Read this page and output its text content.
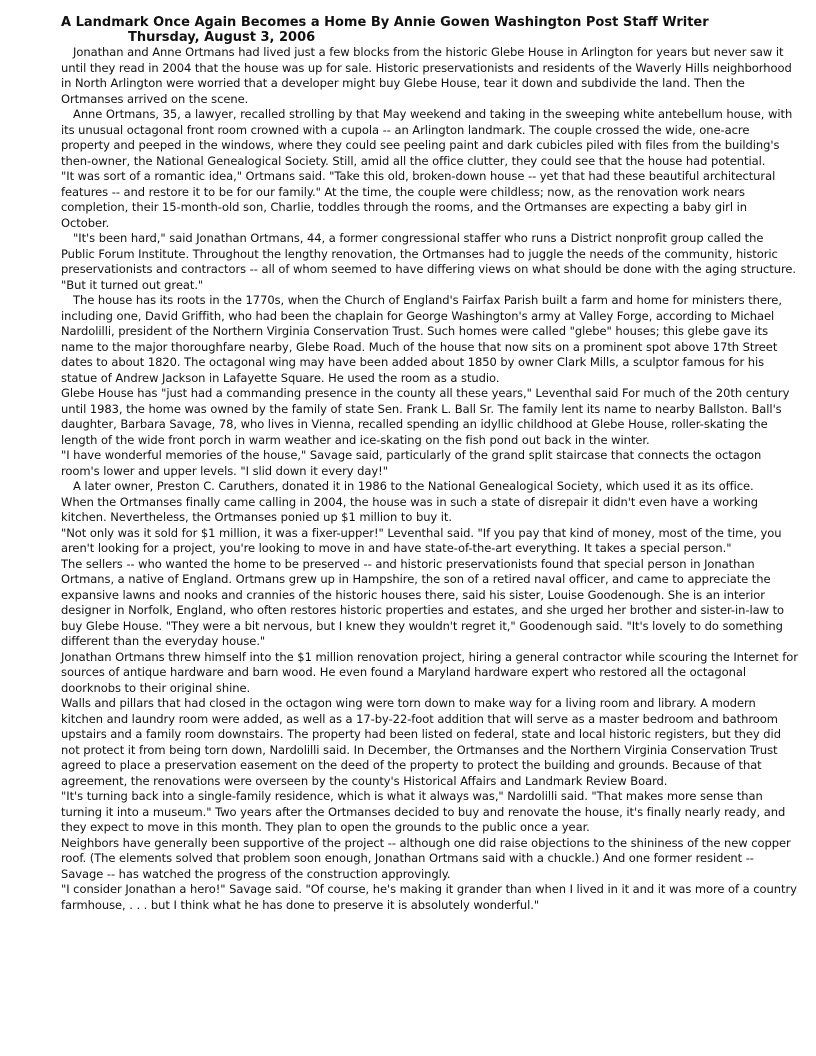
A Landmark Once Again Becomes a Home By Annie Gowen Washington Post Staff Writer
Thursday, August 3, 2006

Jonathan and Anne Ortmans had lived just a few blocks from the historic Glebe House in Arlington for years but never saw it until they read in 2004 that the house was up for sale. Historic preservationists and residents of the Waverly Hills neighborhood in North Arlington were worried that a developer might buy Glebe House, tear it down and subdivide the land. Then the Ortmanses arrived on the scene.

Anne Ortmans, 35, a lawyer, recalled strolling by that May weekend and taking in the sweeping white antebellum house, with its unusual octagonal front room crowned with a cupola -- an Arlington landmark. The couple crossed the wide, one-acre property and peeped in the windows, where they could see peeling paint and dark cubicles piled with files from the building's then-owner, the National Genealogical Society. Still, amid all the office clutter, they could see that the house had potential.

"It was sort of a romantic idea," Ortmans said. "Take this old, broken-down house -- yet that had these beautiful architectural features -- and restore it to be for our family." At the time, the couple were childless; now, as the renovation work nears completion, their 15-month-old son, Charlie, toddles through the rooms, and the Ortmanses are expecting a baby girl in October.

"It's been hard," said Jonathan Ortmans, 44, a former congressional staffer who runs a District nonprofit group called the Public Forum Institute. Throughout the lengthy renovation, the Ortmanses had to juggle the needs of the community, historic preservationists and contractors -- all of whom seemed to have differing views on what should be done with the aging structure. "But it turned out great."

The house has its roots in the 1770s, when the Church of England's Fairfax Parish built a farm and home for ministers there, including one, David Griffith, who had been the chaplain for George Washington's army at Valley Forge, according to Michael Nardolilli, president of the Northern Virginia Conservation Trust. Such homes were called "glebe" houses; this glebe gave its name to the major thoroughfare nearby, Glebe Road. Much of the house that now sits on a prominent spot above 17th Street dates to about 1820. The octagonal wing may have been added about 1850 by owner Clark Mills, a sculptor famous for his statue of Andrew Jackson in Lafayette Square. He used the room as a studio.

Glebe House has "just had a commanding presence in the county all these years," Leventhal said For much of the 20th century until 1983, the home was owned by the family of state Sen. Frank L. Ball Sr. The family lent its name to nearby Ballston. Ball's daughter, Barbara Savage, 78, who lives in Vienna, recalled spending an idyllic childhood at Glebe House, roller-skating the length of the wide front porch in warm weather and ice-skating on the fish pond out back in the winter.

"I have wonderful memories of the house," Savage said, particularly of the grand split staircase that connects the octagon room's lower and upper levels. "I slid down it every day!"

A later owner, Preston C. Caruthers, donated it in 1986 to the National Genealogical Society, which used it as its office.

When the Ortmanses finally came calling in 2004, the house was in such a state of disrepair it didn't even have a working kitchen. Nevertheless, the Ortmanses ponied up $1 million to buy it.

"Not only was it sold for $1 million, it was a fixer-upper!" Leventhal said. "If you pay that kind of money, most of the time, you aren't looking for a project, you're looking to move in and have state-of-the-art everything. It takes a special person."

The sellers -- who wanted the home to be preserved -- and historic preservationists found that special person in Jonathan Ortmans, a native of England. Ortmans grew up in Hampshire, the son of a retired naval officer, and came to appreciate the expansive lawns and nooks and crannies of the historic houses there, said his sister, Louise Goodenough. She is an interior designer in Norfolk, England, who often restores historic properties and estates, and she urged her brother and sister-in-law to buy Glebe House. "They were a bit nervous, but I knew they wouldn't regret it," Goodenough said. "It's lovely to do something different than the everyday house."

Jonathan Ortmans threw himself into the $1 million renovation project, hiring a general contractor while scouring the Internet for sources of antique hardware and barn wood. He even found a Maryland hardware expert who restored all the octagonal doorknobs to their original shine.

Walls and pillars that had closed in the octagon wing were torn down to make way for a living room and library. A modern kitchen and laundry room were added, as well as a 17-by-22-foot addition that will serve as a master bedroom and bathroom upstairs and a family room downstairs. The property had been listed on federal, state and local historic registers, but they did not protect it from being torn down, Nardolilli said. In December, the Ortmanses and the Northern Virginia Conservation Trust agreed to place a preservation easement on the deed of the property to protect the building and grounds. Because of that agreement, the renovations were overseen by the county's Historical Affairs and Landmark Review Board.

"It's turning back into a single-family residence, which is what it always was," Nardolilli said. "That makes more sense than turning it into a museum." Two years after the Ortmanses decided to buy and renovate the house, it's finally nearly ready, and they expect to move in this month. They plan to open the grounds to the public once a year.

Neighbors have generally been supportive of the project -- although one did raise objections to the shininess of the new copper roof. (The elements solved that problem soon enough, Jonathan Ortmans said with a chuckle.) And one former resident -- Savage -- has watched the progress of the construction approvingly.

"I consider Jonathan a hero!" Savage said. "Of course, he's making it grander than when I lived in it and it was more of a country farmhouse, . . . but I think what he has done to preserve it is absolutely wonderful."
